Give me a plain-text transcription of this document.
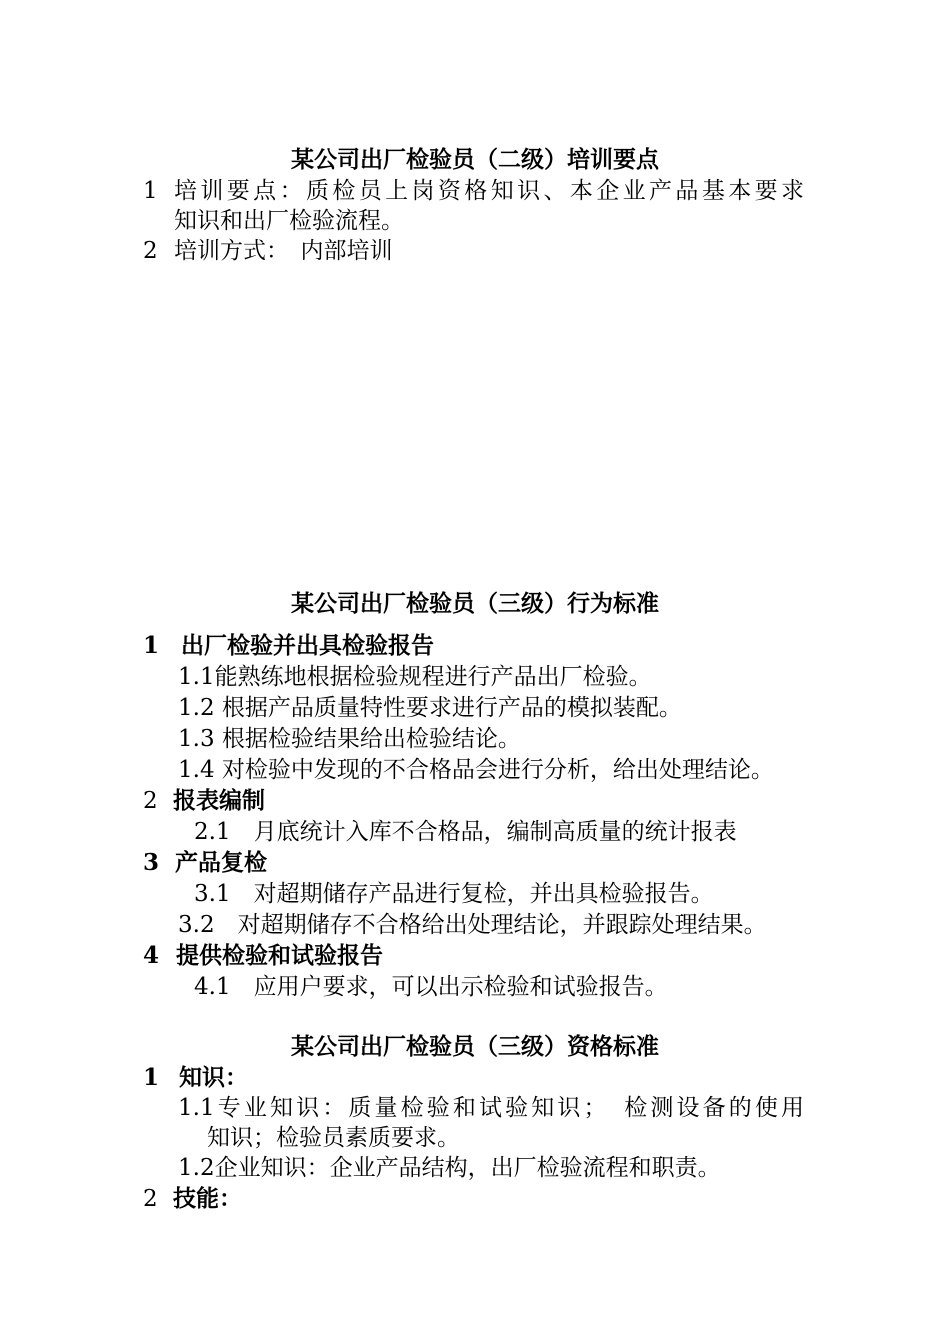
某公司出厂检验员（二级）培训要点
1 培训要点：质检员上岗资格知识、本企业产品基本要求
知识和出厂检验流程。
2 培训方式：　内部培训
某公司出厂检验员（三级）行为标准
1 出厂检验并出具检验报告
1.1能熟练地根据检验规程进行产品出厂检验。
1.2 根据产品质量特性要求进行产品的模拟装配。
1.3 根据检验结果给出检验结论。
1.4 对检验中发现的不合格品会进行分析，给出处理结论。
2 报表编制
2.1　月底统计入库不合格品，编制高质量的统计报表
3 产品复检
3.1　对超期储存产品进行复检，并出具检验报告。
3.2　对超期储存不合格给出处理结论，并跟踪处理结果。
4 提供检验和试验报告
4.1　应用户要求，可以出示检验和试验报告。
某公司出厂检验员（三级）资格标准
1 知识：
1.1专业知识：质量检验和试验知识；　检测设备的使用
知识；检验员素质要求。
1.2企业知识：企业产品结构，出厂检验流程和职责。
2 技能：
